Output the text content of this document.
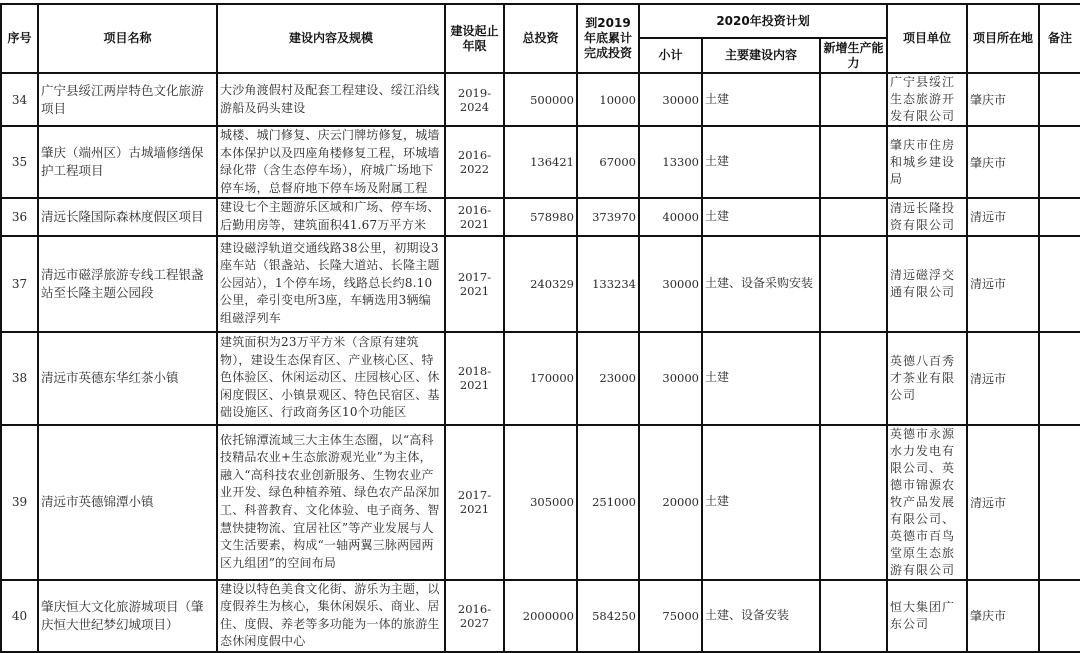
序号	项目名称	建设内容及规模	建设起止年限	总投资	到2019年底累计完成投资	2020年投资计划			项目单位	项目所在地	备注
						小计	主要建设内容	新增生产能力			
34	广宁县绥江两岸特色文化旅游项目	大沙角渡假村及配套工程建设、绥江沿线游船及码头建设	2019-2024	500000	10000	30000	土建		广宁县绥江生态旅游开发有限公司	肇庆市	
35	肇庆（端州区）古城墙修缮保护工程项目	城楼、城门修复、庆云门牌坊修复，城墙本体保护以及四座角楼修复工程，环城墙绿化带（含生态停车场），府城广场地下停车场，总督府地下停车场及附属工程	2016-2022	136421	67000	13300	土建		肇庆市住房和城乡建设局	肇庆市	
36	清远长隆国际森林度假区项目	建设七个主题游乐区域和广场、停车场、后勤用房等，建筑面积41.67万平方米	2016-2021	578980	373970	40000	土建		清远长隆投资有限公司	清远市	
37	清远市磁浮旅游专线工程银盏站至长隆主题公园段	建设磁浮轨道交通线路38公里，初期设3座车站（银盏站、长隆大道站、长隆主题公园站），1个停车场，线路总长约8.10公里，牵引变电所3座，车辆选用3辆编组磁浮列车	2017-2021	240329	133234	30000	土建、设备采购安装		清远磁浮交通有限公司	清远市	
38	清远市英德东华红茶小镇	建筑面积为23万平方米（含原有建筑物），建设生态保育区、产业核心区、特色体验区、休闲运动区、庄园核心区、休闲度假区、小镇景观区、特色民宿区、基础设施区、行政商务区10个功能区	2018-2021	170000	23000	30000	土建		英德八百秀才茶业有限公司	清远市	
39	清远市英德锦潭小镇	依托锦潭流域三大主体生态圈，以“高科技精品农业+生态旅游观光业”为主体，融入“高科技农业创新服务、生物农业产业开发、绿色种植养殖、绿色农产品深加工、科普教育、文化体验、电子商务、智慧快捷物流、宜居社区”等产业发展与人文生活要素，构成“一轴两翼三脉两园两区九组团”的空间布局	2017-2021	305000	251000	20000	土建		英德市永源水力发电有限公司、英德市锦源农牧产品发展有限公司、英德市百鸟堂原生态旅游有限公司	清远市	
40	肇庆恒大文化旅游城项目（肇庆恒大世纪梦幻城项目）	建设以特色美食文化街、游乐为主题，以度假养生为核心，集休闲娱乐、商业、居住、度假、养老等多功能为一体的旅游生态休闲度假中心	2016-2027	2000000	584250	75000	土建、设备安装		恒大集团广东公司	肇庆市	
